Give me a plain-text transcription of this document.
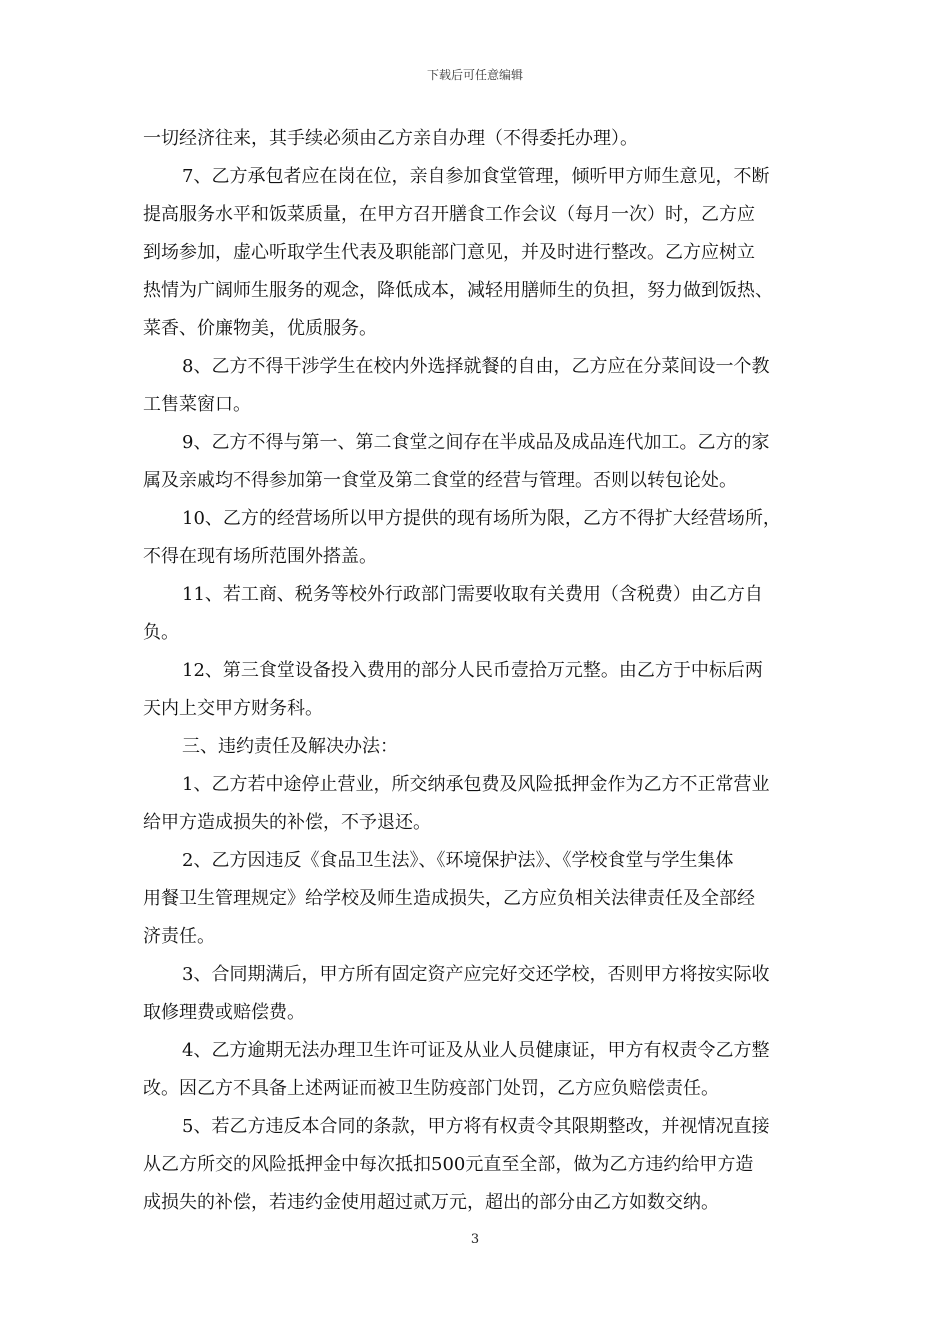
下载后可任意编辑
一切经济往来，其手续必须由乙方亲自办理（不得委托办理）。
7、乙方承包者应在岗在位，亲自参加食堂管理，倾听甲方师生意见，不断
提高服务水平和饭菜质量，在甲方召开膳食工作会议（每月一次）时，乙方应
到场参加，虚心听取学生代表及职能部门意见，并及时进行整改。乙方应树立
热情为广阔师生服务的观念，降低成本，减轻用膳师生的负担，努力做到饭热、
菜香、价廉物美，优质服务。
8、乙方不得干涉学生在校内外选择就餐的自由，乙方应在分菜间设一个教
工售菜窗口。
9、乙方不得与第一、第二食堂之间存在半成品及成品连代加工。乙方的家
属及亲戚均不得参加第一食堂及第二食堂的经营与管理。否则以转包论处。
10、乙方的经营场所以甲方提供的现有场所为限，乙方不得扩大经营场所，
不得在现有场所范围外搭盖。
11、若工商、税务等校外行政部门需要收取有关费用（含税费）由乙方自
负。
12、第三食堂设备投入费用的部分人民币壹拾万元整。由乙方于中标后两
天内上交甲方财务科。
三、违约责任及解决办法：
1、乙方若中途停止营业，所交纳承包费及风险抵押金作为乙方不正常营业
给甲方造成损失的补偿，不予退还。
2、乙方因违反《食品卫生法》、《环境保护法》、《学校食堂与学生集体
用餐卫生管理规定》给学校及师生造成损失，乙方应负相关法律责任及全部经
济责任。
3、合同期满后，甲方所有固定资产应完好交还学校，否则甲方将按实际收
取修理费或赔偿费。
4、乙方逾期无法办理卫生许可证及从业人员健康证，甲方有权责令乙方整
改。因乙方不具备上述两证而被卫生防疫部门处罚，乙方应负赔偿责任。
5、若乙方违反本合同的条款，甲方将有权责令其限期整改，并视情况直接
从乙方所交的风险抵押金中每次抵扣500元直至全部，做为乙方违约给甲方造
成损失的补偿，若违约金使用超过贰万元，超出的部分由乙方如数交纳。
3
